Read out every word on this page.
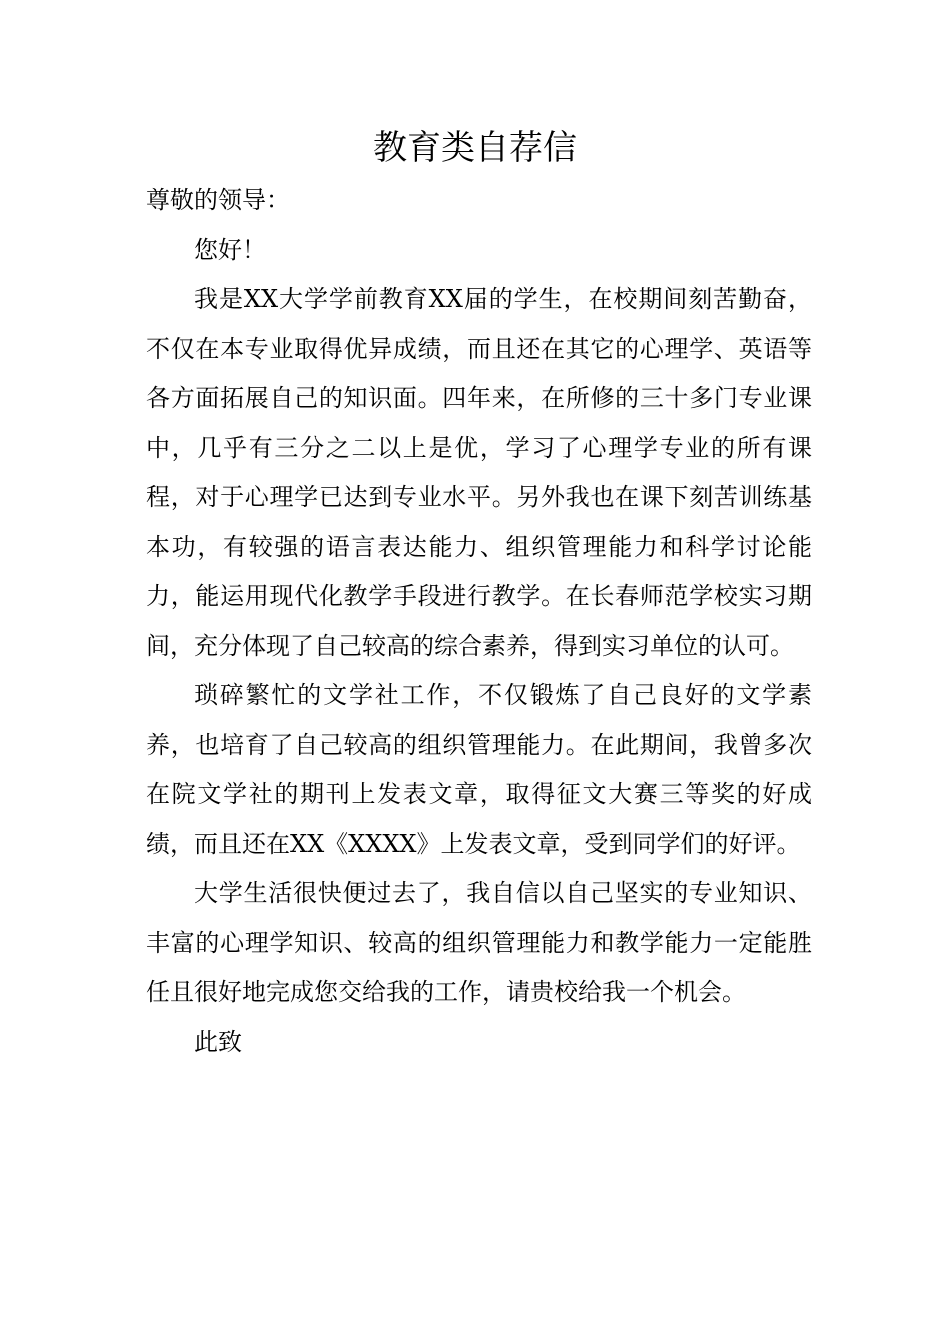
教育类自荐信

尊敬的领导：

您好！

我是XX大学学前教育XX届的学生，在校期间刻苦勤奋，不仅在本专业取得优异成绩，而且还在其它的心理学、英语等各方面拓展自己的知识面。四年来，在所修的三十多门专业课中，几乎有三分之二以上是优，学习了心理学专业的所有课程，对于心理学已达到专业水平。另外我也在课下刻苦训练基本功，有较强的语言表达能力、组织管理能力和科学讨论能力，能运用现代化教学手段进行教学。在长春师范学校实习期间，充分体现了自己较高的综合素养，得到实习单位的认可。

琐碎繁忙的文学社工作，不仅锻炼了自己良好的文学素养，也培育了自己较高的组织管理能力。在此期间，我曾多次在院文学社的期刊上发表文章，取得征文大赛三等奖的好成绩，而且还在XX《XXXX》上发表文章，受到同学们的好评。

大学生活很快便过去了，我自信以自己坚实的专业知识、丰富的心理学知识、较高的组织管理能力和教学能力一定能胜任且很好地完成您交给我的工作，请贵校给我一个机会。

此致
